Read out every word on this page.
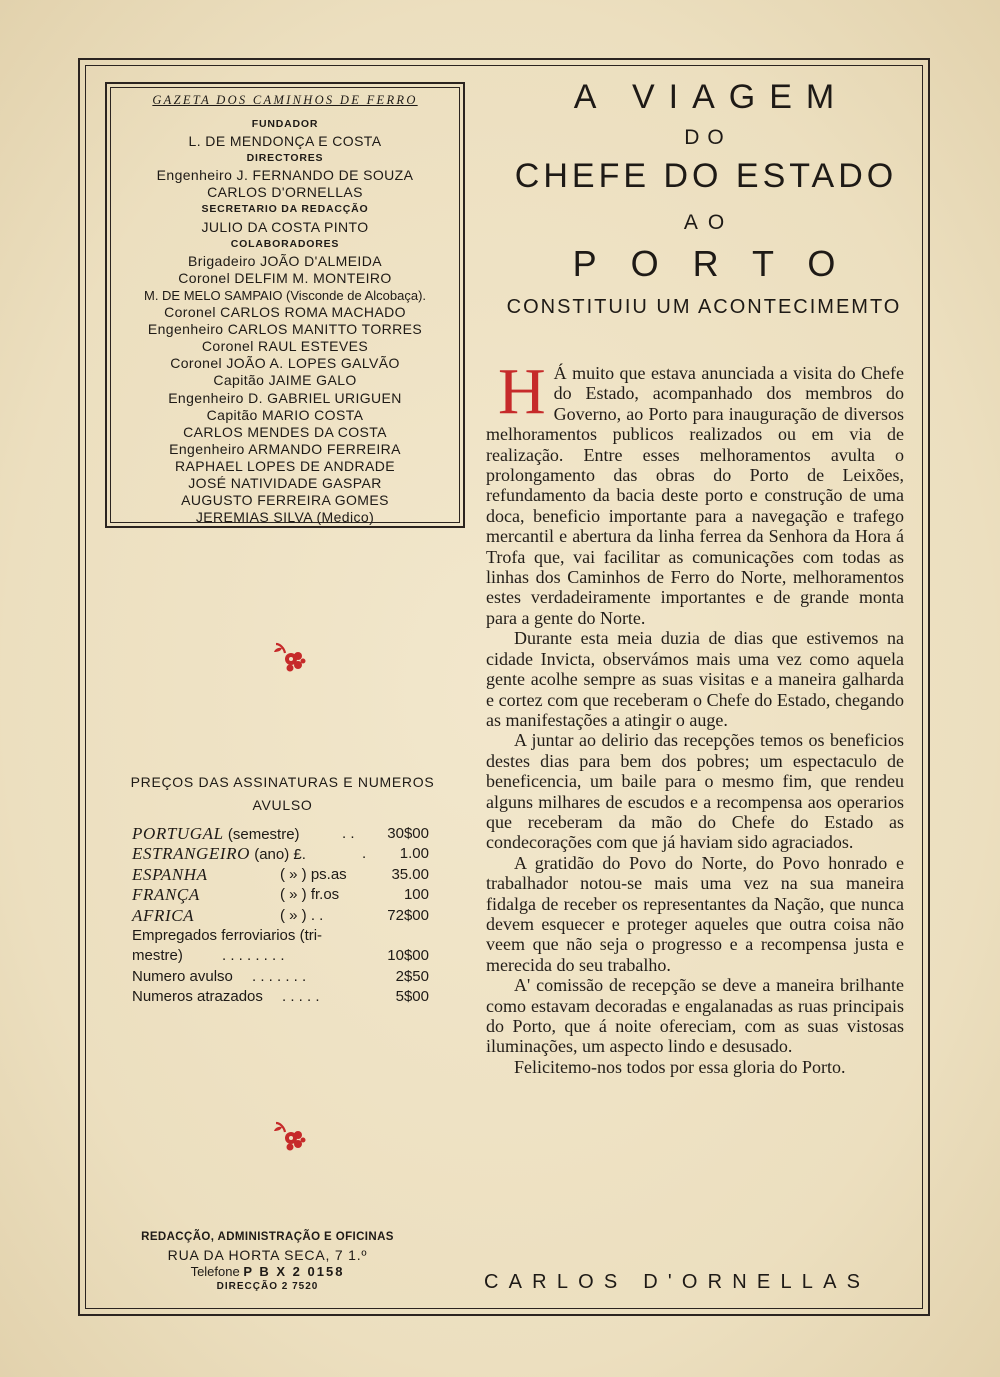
GAZETA DOS CAMINHOS DE FERRO
FUNDADOR
L. DE MENDONÇA E COSTA
DIRECTORES
Engenheiro J. FERNANDO DE SOUZA
CARLOS D'ORNELLAS
SECRETARIO DA REDACÇÃO
JULIO DA COSTA PINTO
COLABORADORES
Brigadeiro JOÃO D'ALMEIDA
Coronel DELFIM M. MONTEIRO
M. DE MELO SAMPAIO (Visconde de Alcobaça).
Coronel CARLOS ROMA MACHADO
Engenheiro CARLOS MANITTO TORRES
Coronel RAUL ESTEVES
Coronel JOÃO A. LOPES GALVÃO
Capitão JAIME GALO
Engenheiro D. GABRIEL URIGUEN
Capitão MARIO COSTA
CARLOS MENDES DA COSTA
Engenheiro ARMANDO FERREIRA
RAPHAEL LOPES DE ANDRADE
JOSÉ NATIVIDADE GASPAR
AUGUSTO FERREIRA GOMES
JEREMIAS SILVA (Medico)
PREÇOS DAS ASSINATURAS E NUMEROS AVULSO
PORTUGAL (semestre)	. . 30$00
ESTRANGEIRO (ano) £.	. 1.00
ESPANHA	( » ) ps.as	35.00
FRANÇA	( » ) fr.os	100
AFRICA	( » ) . .	72$00
Empregados ferroviarios (tri-
mestre)	. . . . . . . .	10$00
Numero avulso . . . . . . .	2$50
Numeros atrazados . . . . .	5$00
REDACÇÃO, ADMINISTRAÇÃO E OFICINAS
RUA DA HORTA SECA, 7 1.º
Telefone P B X 2 0158
DIRECÇÃO 2 7520
A VIAGEM
DO
CHEFE DO ESTADO
AO
PORTO
CONSTITUIU UM ACONTECIMEMTO

H Á muito que estava anunciada a visita do Chefe do Estado, acompanhado dos membros do Governo, ao Porto para inauguração de diversos melhoramentos publicos realizados ou em via de realização. Entre esses melhoramentos avulta o prolongamento das obras do Porto de Leixões, refundamento da bacia deste porto e construção de uma doca, beneficio importante para a navegação e trafego mercantil e abertura da linha ferrea da Senhora da Hora á Trofa que, vai facilitar as comunicações com todas as linhas dos Caminhos de Ferro do Norte, melhoramentos estes verdadeiramente importantes e de grande monta para a gente do Norte.

Durante esta meia duzia de dias que estivemos na cidade Invicta, observámos mais uma vez como aquela gente acolhe sempre as suas visitas e a maneira galharda e cortez com que receberam o Chefe do Estado, chegando as manifestações a atingir o auge.

A juntar ao delirio das recepções temos os beneficios destes dias para bem dos pobres; um espectaculo de beneficencia, um baile para o mesmo fim, que rendeu alguns milhares de escudos e a recompensa aos operarios que receberam da mão do Chefe do Estado as condecorações com que já haviam sido agraciados.

A gratidão do Povo do Norte, do Povo honrado e trabalhador notou-se mais uma vez na sua maneira fidalga de receber os representantes da Nação, que nunca devem esquecer e proteger aqueles que outra coisa não veem que não seja o progresso e a recompensa justa e merecida do seu trabalho.

A' comissão de recepção se deve a maneira brilhante como estavam decoradas e engalanadas as ruas principais do Porto, que á noite ofereciam, com as suas vistosas iluminações, um aspecto lindo e desusado.

Felicitemo-nos todos por essa gloria do Porto.

CARLOS D'ORNELLAS
